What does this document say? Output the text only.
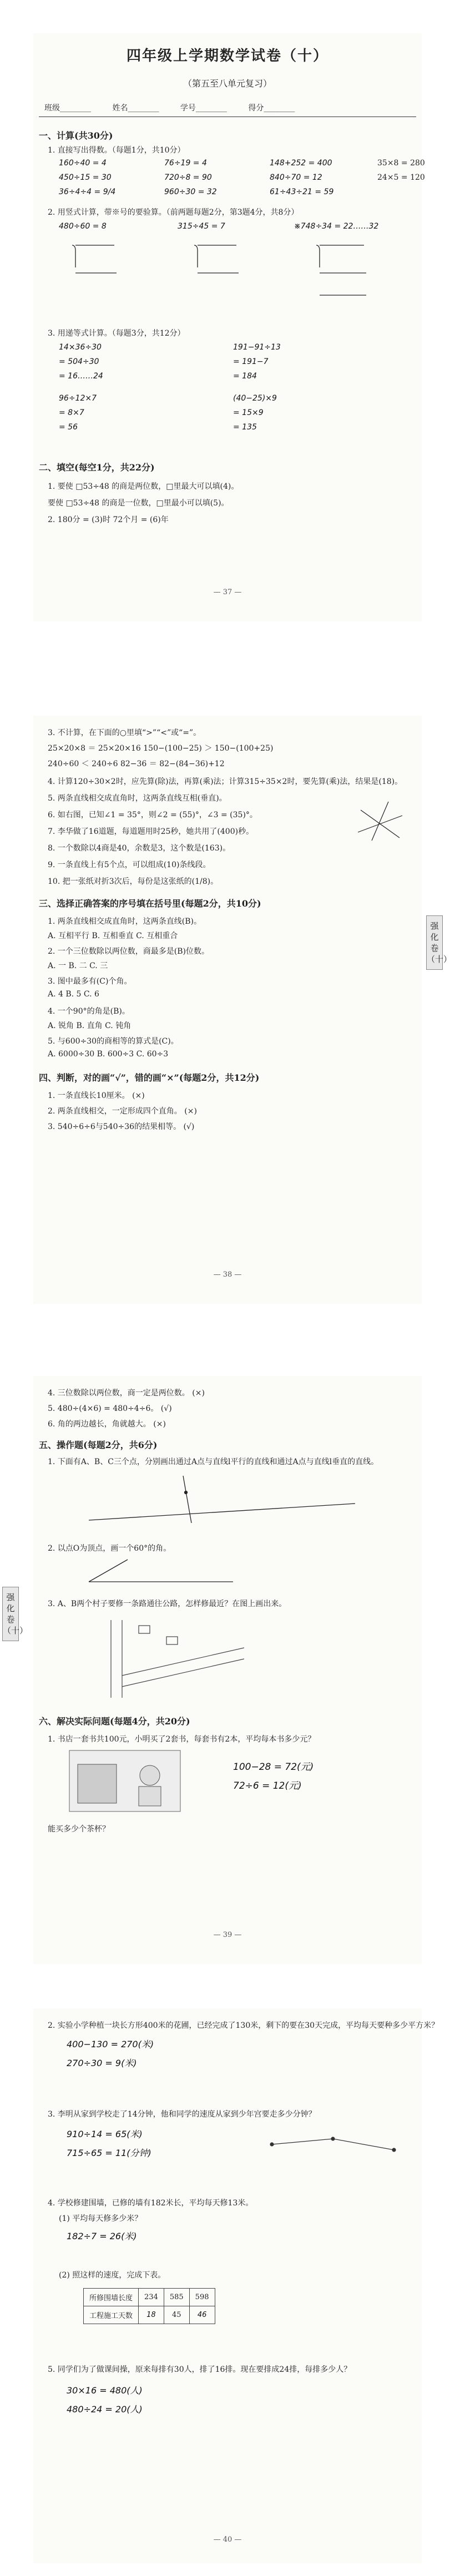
四年级上学期数学试卷（十）
（第五至八单元复习）
班级________	姓名________	学号________	得分________
一、计算(共30分)
1. 直接写出得数。（每题1分，共10分）
160÷40 = 4	76÷19 = 4	148+252 = 400	35×8 = 280
450÷15 = 30	720÷8 = 90	840÷70 = 12	24×5 = 120
36÷4÷4 = 9/4	960÷30 = 32	61÷43÷21 = 59
2. 用竖式计算，带※号的要验算。（前两题每题2分，第3题4分，共8分）
480÷60 = 8	315÷45 = 7	※748÷34 = 22……32
3. 用递等式计算。（每题3分，共12分）
14×36÷30	191−91÷13
= 504÷30	= 191−7
= 16……24	= 184
96÷12×7	(40−25)×9
= 8×7	= 15×9
= 56	= 135
二、填空(每空1分，共22分)
1. 要使 □53÷48 的商是两位数，□里最大可以填(4)。
要使 □53÷48 的商是一位数，□里最小可以填(5)。
2. 180分 = (3)时 72个月 = (6)年
— 37 —
3. 不计算，在下面的○里填“>”“<”或“=”。
25×20×8 ＝ 25×20×16 150−(100−25) ＞ 150−(100+25)
240÷60 ＜ 240÷6 82−36 ＝ 82−(84−36)+12
4. 计算120÷30×2时，应先算(除)法，再算(乘)法；计算315÷35×2时，要先算(乘)法，结果是(18)。
5. 两条直线相交成直角时，这两条直线互相(垂直)。
6. 如右图，已知∠1 = 35°，则∠2 = (55)°，∠3 = (35)°。
7. 李华做了16道题，每道题用时25秒，她共用了(400)秒。
8. 一个数除以4商是40，余数是3，这个数是(163)。
9. 一条直线上有5个点，可以组成(10)条线段。
10. 把一张纸对折3次后，每份是这张纸的(1/8)。
三、选择正确答案的序号填在括号里(每题2分，共10分)
1. 两条直线相交成直角时，这两条直线(B)。
A. 互相平行 B. 互相垂直 C. 互相重合
2. 一个三位数除以两位数，商最多是(B)位数。
A. 一 B. 二 C. 三
3. 图中最多有(C)个角。
A. 4 B. 5 C. 6
4. 一个90°的角是(B)。
A. 锐角 B. 直角 C. 钝角
5. 与600÷30的商相等的算式是(C)。
A. 6000÷30 B. 600÷3 C. 60÷3
四、判断，对的画“√”，错的画“×”(每题2分，共12分)
1. 一条直线长10厘米。 (×)
2. 两条直线相交，一定形成四个直角。 (×)
3. 540÷6÷6与540÷36的结果相等。 (√)
— 38 —
强化卷（十）
4. 三位数除以两位数，商一定是两位数。 (×)
5. 480÷(4×6) = 480÷4÷6。 (√)
6. 角的两边越长，角就越大。 (×)
五、操作题(每题2分，共6分)
1. 下面有A、B、C三个点，分别画出通过A点与直线l平行的直线和通过A点与直线l垂直的直线。
2. 以点O为顶点，画一个60°的角。
3. A、B两个村子要修一条路通往公路，怎样修最近？在图上画出来。
六、解决实际问题(每题4分，共20分)
1. 书店一套书共100元，小明买了2套书，每套书有2本，平均每本书多少元？
100−28 = 72(元)
72÷6 = 12(元)
能买多少个茶杯？
— 39 —
强化卷（十）
2. 实验小学种植一块长方形400米的花圃，已经完成了130米，剩下的要在30天完成，平均每天要种多少平方米？
400−130 = 270(米)
270÷30 = 9(米)
3. 李明从家到学校走了14分钟，他和同学的速度从家到少年宫要走多少分钟？
910÷14 = 65(米)
715÷65 = 11(分钟)
4. 学校修建围墙，已修的墙有182米长，平均每天修13米。
(1) 平均每天修多少米？
182÷7 = 26(米)
(2) 照这样的速度，完成下表。
所修围墙长度	234	585	598
工程施工天数	18	45	46
5. 同学们为了做课间操，原来每排有30人，排了16排。现在要排成24排，每排多少人？
30×16 = 480(人)
480÷24 = 20(人)
— 40 —
